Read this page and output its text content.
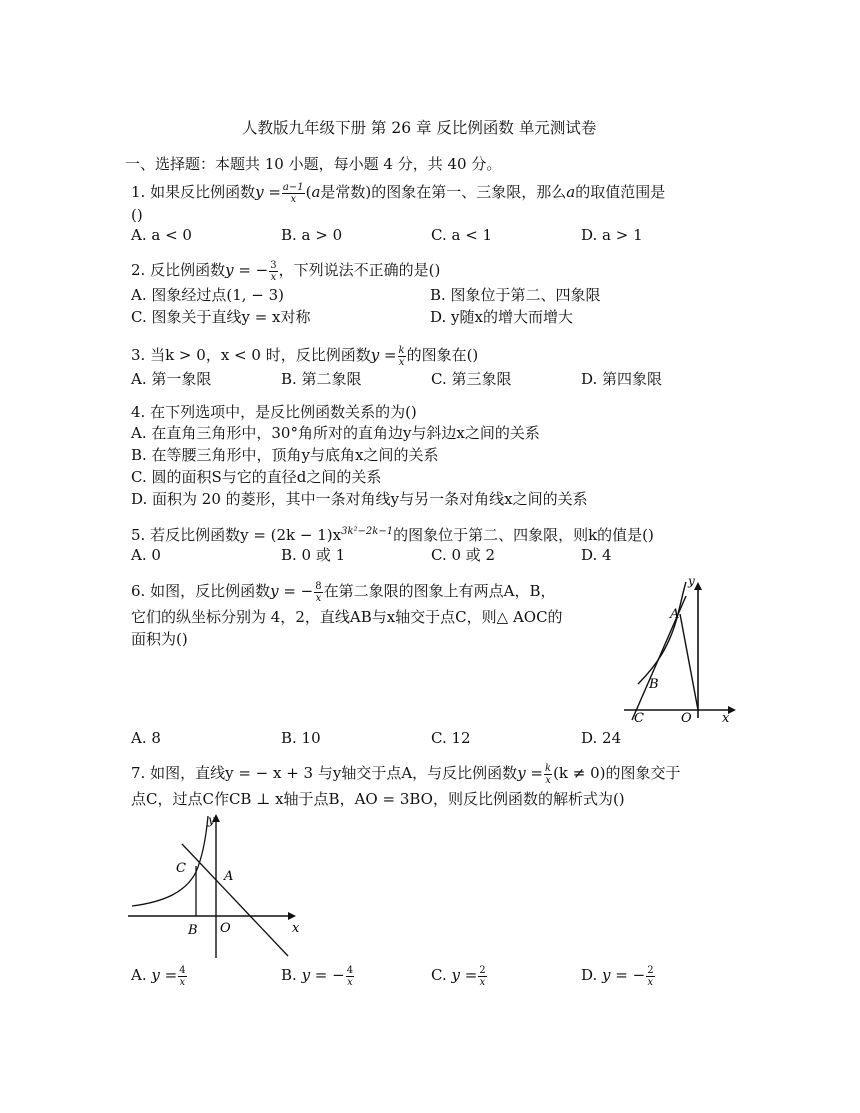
人教版九年级下册 第 26 章 反比例函数 单元测试卷
一、选择题：本题共 10 小题，每小题 4 分，共 40 分。
1. 如果反比例函数$y = \frac{a-1}{x} (a$是常数)的图象在第一、三象限，那么a的取值范围是
()
A. a < 0	B. a > 0	C. a < 1	D. a > 1
2. 反比例函数y = − $\frac{3}{x}$ ，下列说法不正确的是()
A. 图象经过点(1, − 3)	B. 图象位于第二、四象限
C. 图象关于直线y = x对称	D. y随x的增大而增大
3. 当k > 0，x < 0 时，反比例函数$y = \frac{k}{x}$ 的图象在()
A. 第一象限	B. 第二象限	C. 第三象限	D. 第四象限
4. 在下列选项中，是反比例函数关系的为()
A. 在直角三角形中，30°角所对的直角边y与斜边x之间的关系
B. 在等腰三角形中，顶角y与底角x之间的关系
C. 圆的面积S与它的直径d之间的关系
D. 面积为 20 的菱形，其中一条对角线y与另一条对角线x之间的关系
5. 若反比例函数$y = (2k - 1)x^{3k^2-2k-1}$的图象位于第二、四象限，则k的值是()
A. 0	B. 0 或 1	C. 0 或 2	D. 4
6. 如图，反比例函数y = − $\frac{8}{x}$ 在第二象限的图象上有两点A，B，
它们的纵坐标分别为 4，2，直线AB与x轴交于点C，则△ AOC的
面积为()
A
B
C	O x
y
A. 8	B. 10	C. 12	D. 24
7. 如图，直线y = − x + 3 与y轴交于点A，与反比例函数$y = \frac{k}{x} (k \ne 0)$的图象交于
点C，过点C作CB ⊥ x轴于点B，AO = 3BO，则反比例函数的解析式为()
C
A
B O	x
y
A. $y = \frac{4}{x}$	B. y = − $\frac{4}{x}$	C. $y = \frac{2}{x}$	D. y = − $\frac{2}{x}$
